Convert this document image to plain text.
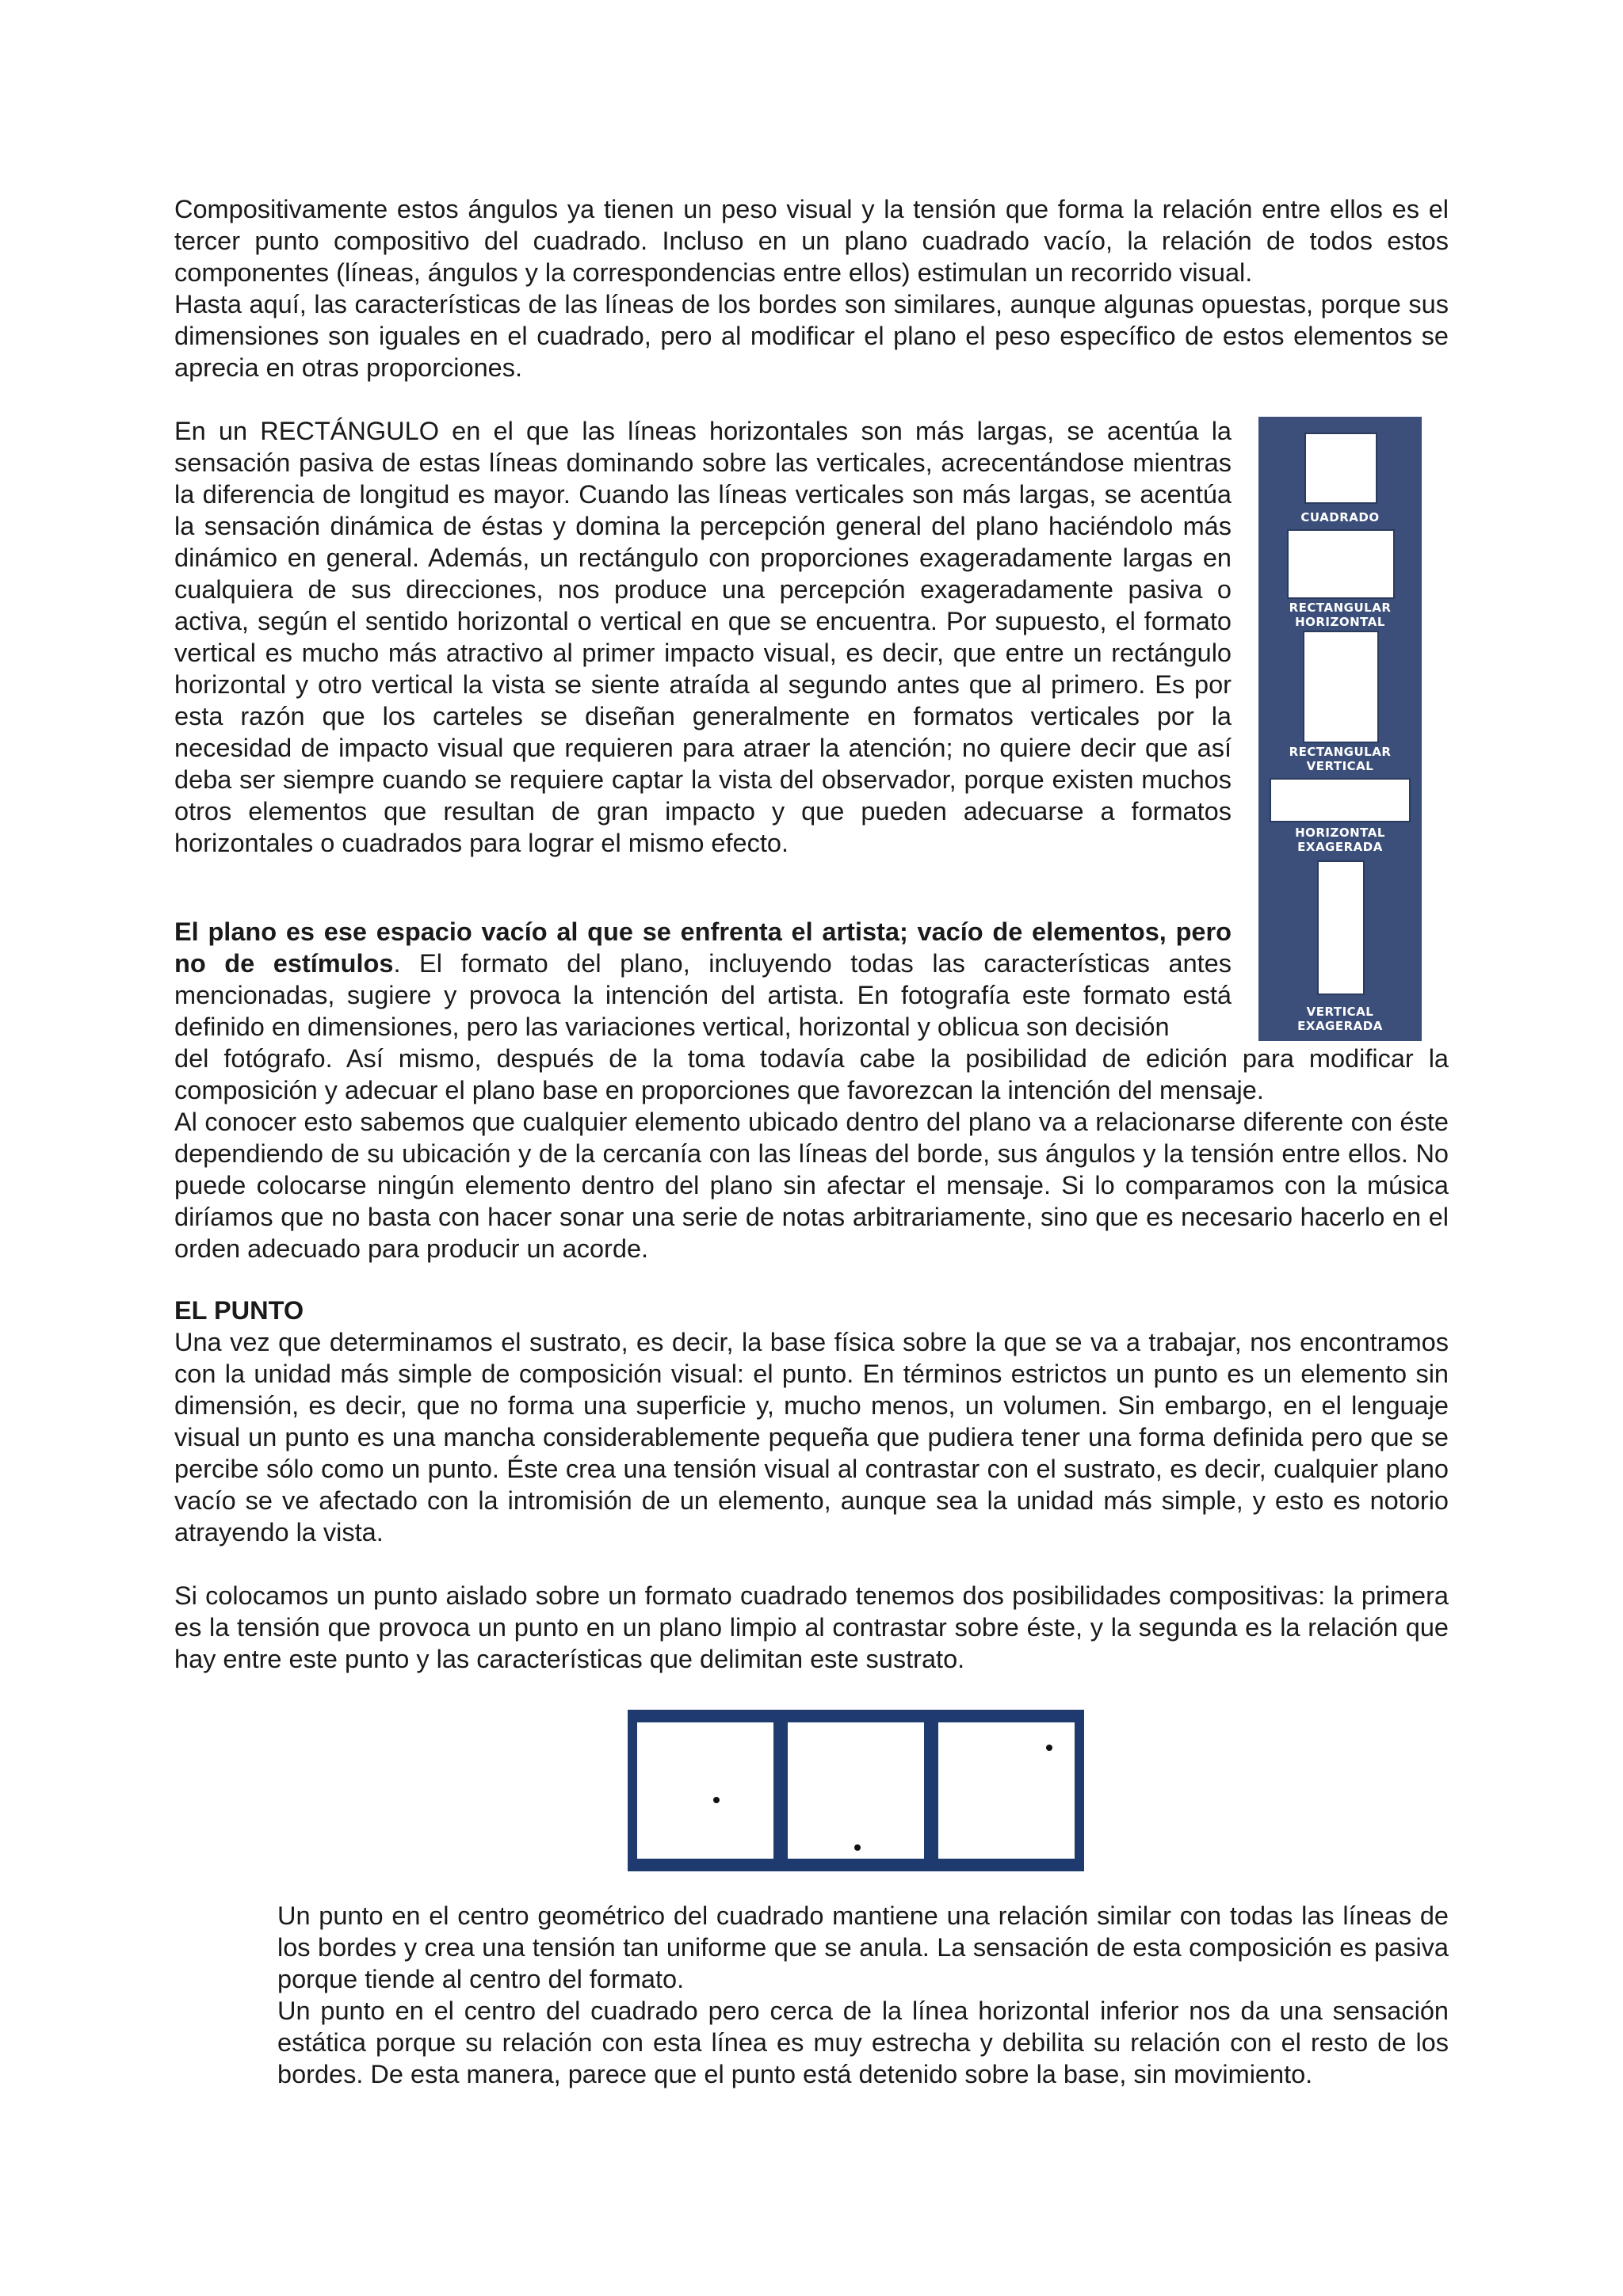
Compositivamente estos ángulos ya tienen un peso visual y la tensión que forma la relación entre ellos es el tercer punto compositivo del cuadrado. Incluso en un plano cuadrado vacío, la relación de todos estos componentes (líneas, ángulos y la correspondencias entre ellos) estimulan un recorrido visual.

Hasta aquí, las características de las líneas de los bordes son similares, aunque algunas opuestas, porque sus dimensiones son iguales en el cuadrado, pero al modificar el plano el peso específico de estos elementos se aprecia en otras proporciones.

En un RECTÁNGULO en el que las líneas horizontales son más largas, se acentúa la sensación pasiva de estas líneas dominando sobre las verticales, acrecentándose mientras la diferencia de longitud es mayor. Cuando las líneas verticales son más largas, se acentúa la sensación dinámica de éstas y domina la percepción general del plano haciéndolo más dinámico en general. Además, un rectángulo con proporciones exageradamente largas en cualquiera de sus direcciones, nos produce una percepción exageradamente pasiva o activa, según el sentido horizontal o vertical en que se encuentra. Por supuesto, el formato vertical es mucho más atractivo al primer impacto visual, es decir, que entre un rectángulo horizontal y otro vertical la vista se siente atraída al segundo antes que al primero. Es por esta razón que los carteles se diseñan generalmente en formatos verticales por la necesidad de impacto visual que requieren para atraer la atención; no quiere decir que así deba ser siempre cuando se requiere captar la vista del observador, porque existen muchos otros elementos que resultan de gran impacto y que pueden adecuarse a formatos horizontales o cuadrados para lograr el mismo efecto.

El plano es ese espacio vacío al que se enfrenta el artista; vacío de elementos, pero no de estímulos. El formato del plano, incluyendo todas las características antes mencionadas, sugiere y provoca la intención del artista. En fotografía este formato está definido en dimensiones, pero las variaciones vertical, horizontal y oblicua son decisión

del fotógrafo. Así mismo, después de la toma todavía cabe la posibilidad de edición para modificar la composición y adecuar el plano base en proporciones que favorezcan la intención del mensaje.

Al conocer esto sabemos que cualquier elemento ubicado dentro del plano va a relacionarse diferente con éste dependiendo de su ubicación y de la cercanía con las líneas del borde, sus ángulos y la tensión entre ellos. No puede colocarse ningún elemento dentro del plano sin afectar el mensaje. Si lo comparamos con la música diríamos que no basta con hacer sonar una serie de notas arbitrariamente, sino que es necesario hacerlo en el orden adecuado para producir un acorde.

EL PUNTO

Una vez que determinamos el sustrato, es decir, la base física sobre la que se va a trabajar, nos encontramos con la unidad más simple de composición visual: el punto. En términos estrictos un punto es un elemento sin dimensión, es decir, que no forma una superficie y, mucho menos, un volumen. Sin embargo, en el lenguaje visual un punto es una mancha considerablemente pequeña que pudiera tener una forma definida pero que se percibe sólo como un punto. Éste crea una tensión visual al contrastar con el sustrato, es decir, cualquier plano vacío se ve afectado con la intromisión de un elemento, aunque sea la unidad más simple, y esto es notorio atrayendo la vista.

Si colocamos un punto aislado sobre un formato cuadrado tenemos dos posibilidades compositivas: la primera es la tensión que provoca un punto en un plano limpio al contrastar sobre éste, y la segunda es la relación que hay entre este punto y las características que delimitan este sustrato.

CUADRADO
RECTANGULAR
HORIZONTAL
RECTANGULAR
VERTICAL
HORIZONTAL
EXAGERADA
VERTICAL
EXAGERADA

Un punto en el centro geométrico del cuadrado mantiene una relación similar con todas las líneas de los bordes y crea una tensión tan uniforme que se anula. La sensación de esta composición es pasiva porque tiende al centro del formato.

Un punto en el centro del cuadrado pero cerca de la línea horizontal inferior nos da una sensación estática porque su relación con esta línea es muy estrecha y debilita su relación con el resto de los bordes. De esta manera, parece que el punto está detenido sobre la base, sin movimiento.
